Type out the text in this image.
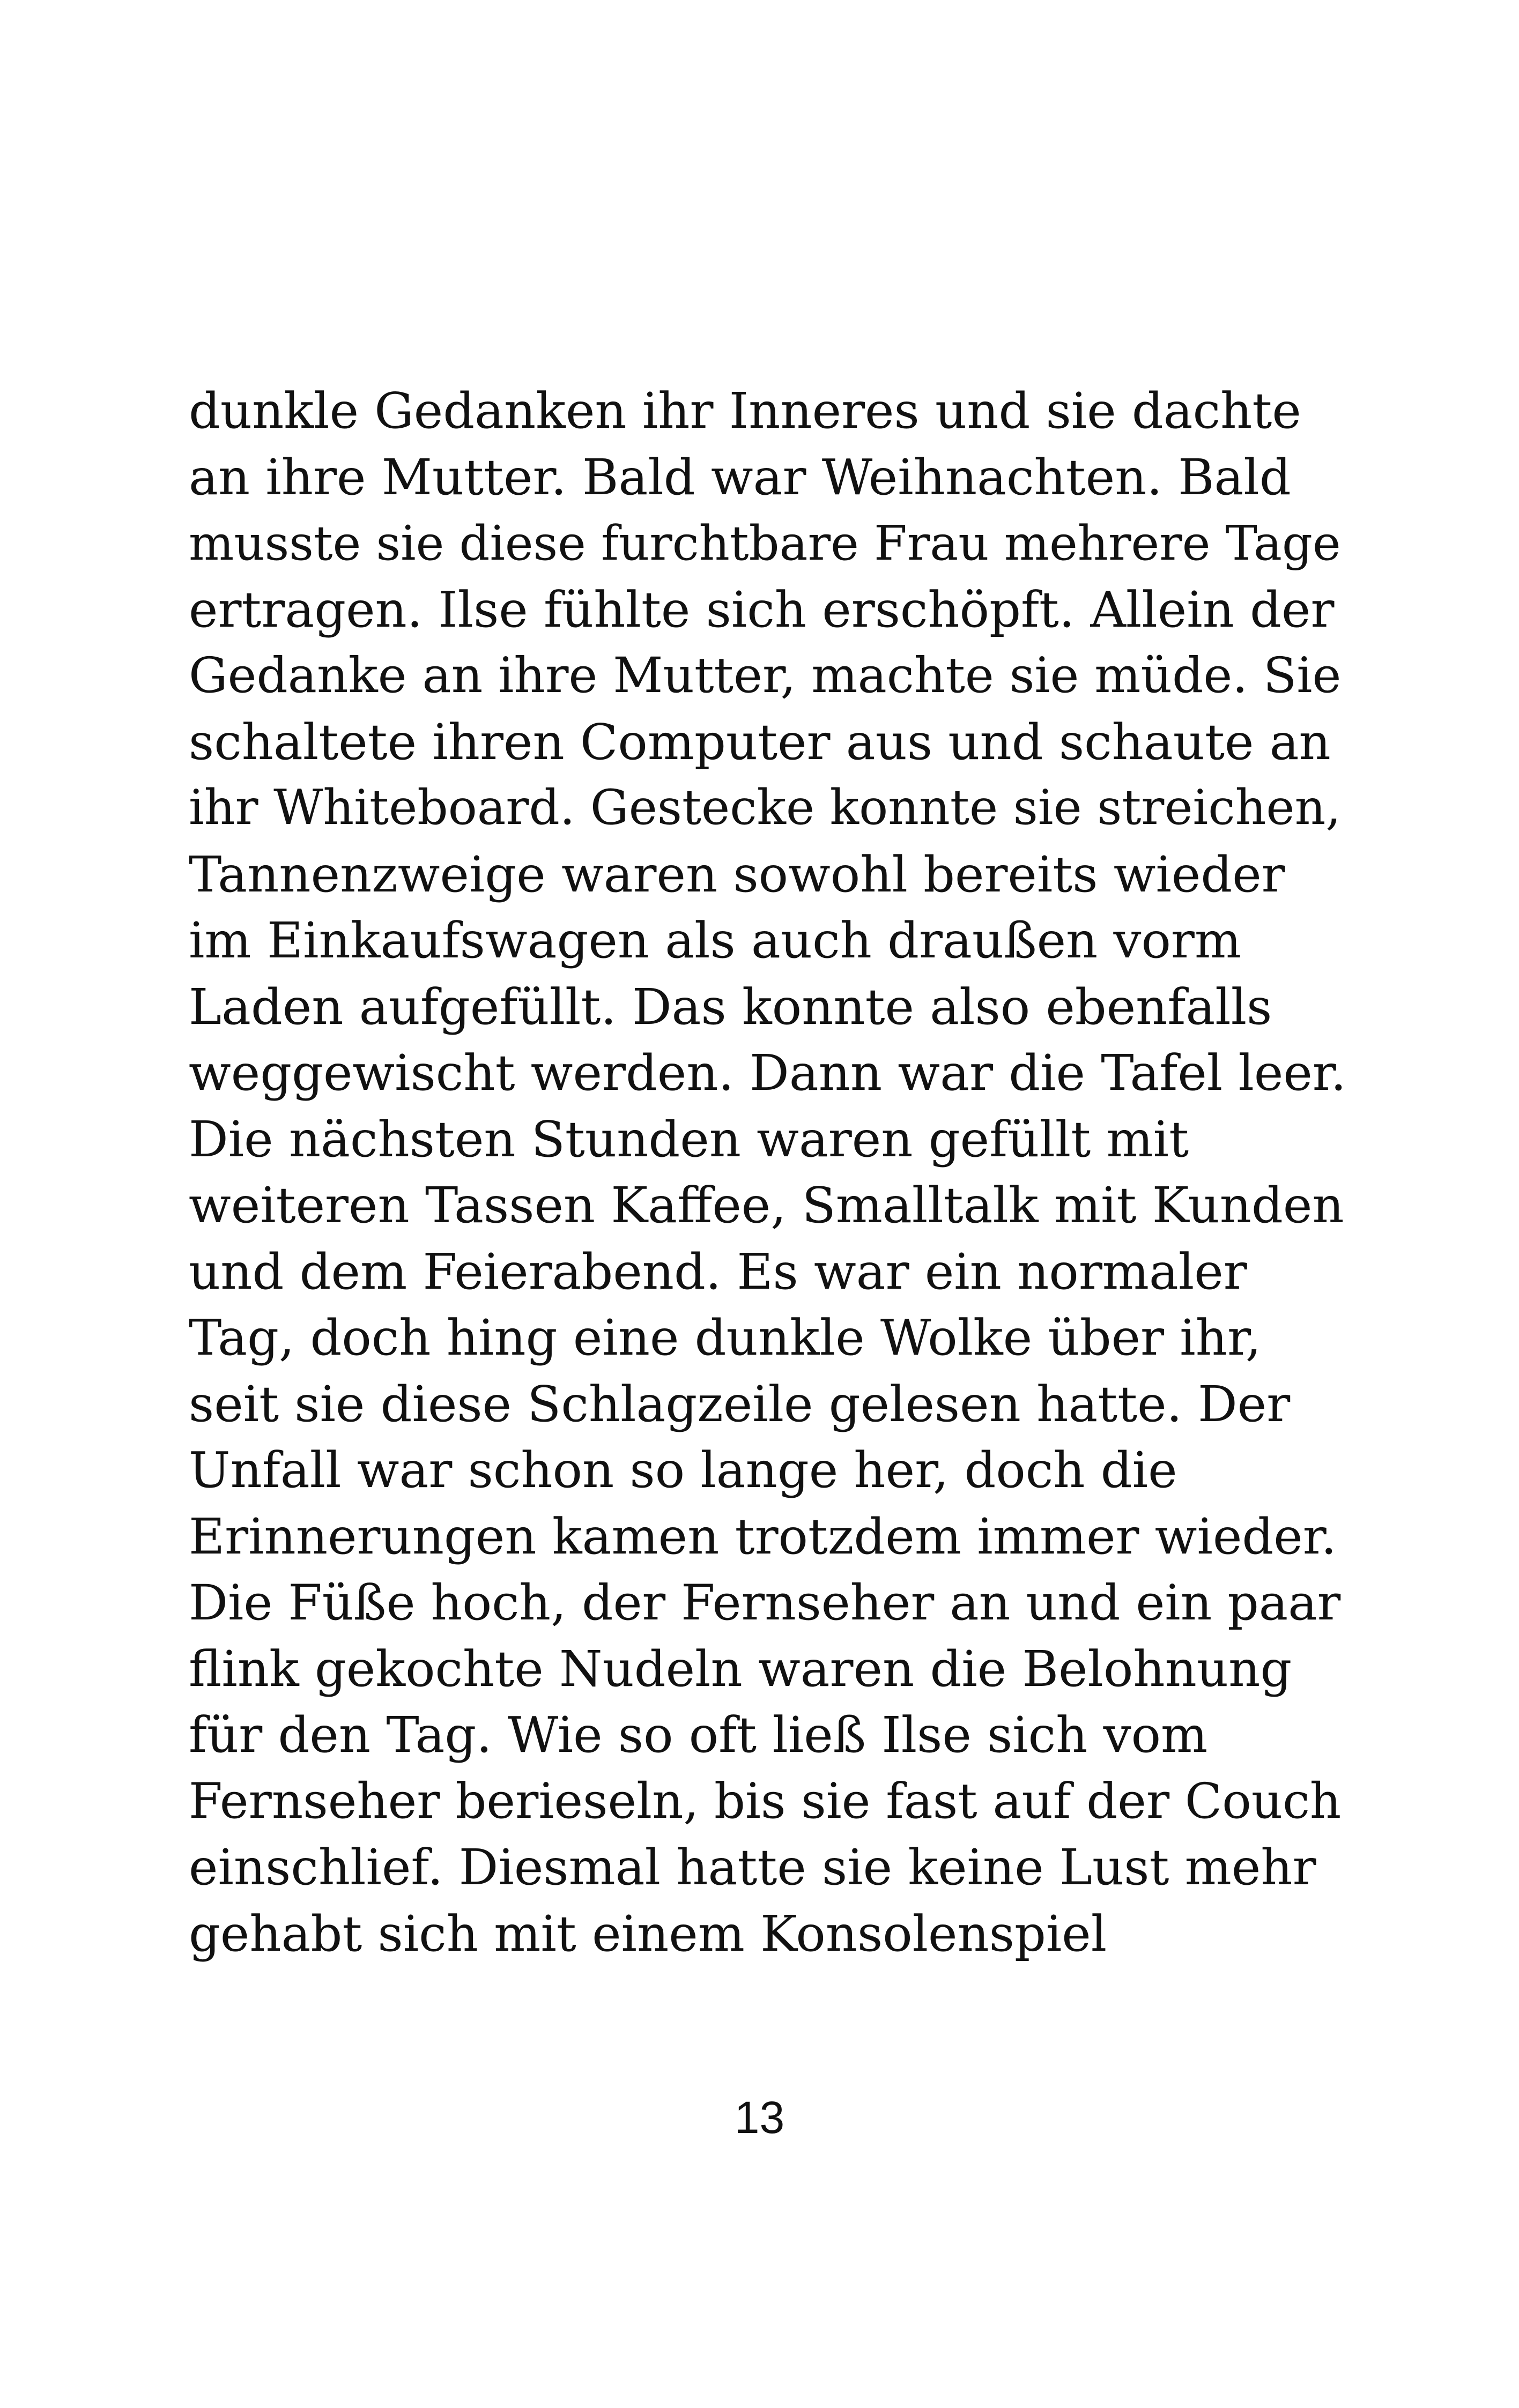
dunkle Gedanken ihr Inneres und sie dachte
an ihre Mutter. Bald war Weihnachten. Bald
musste sie diese furchtbare Frau mehrere Tage
ertragen. Ilse fühlte sich erschöpft. Allein der
Gedanke an ihre Mutter, machte sie müde. Sie
schaltete ihren Computer aus und schaute an
ihr Whiteboard. Gestecke konnte sie streichen,
Tannenzweige waren sowohl bereits wieder
im Einkaufswagen als auch draußen vorm
Laden aufgefüllt. Das konnte also ebenfalls
weggewischt werden. Dann war die Tafel leer.
Die nächsten Stunden waren gefüllt mit
weiteren Tassen Kaffee, Smalltalk mit Kunden
und dem Feierabend. Es war ein normaler
Tag, doch hing eine dunkle Wolke über ihr,
seit sie diese Schlagzeile gelesen hatte. Der
Unfall war schon so lange her, doch die
Erinnerungen kamen trotzdem immer wieder.
Die Füße hoch, der Fernseher an und ein paar
flink gekochte Nudeln waren die Belohnung
für den Tag. Wie so oft ließ Ilse sich vom
Fernseher berieseln, bis sie fast auf der Couch
einschlief. Diesmal hatte sie keine Lust mehr
gehabt sich mit einem Konsolenspiel
13
